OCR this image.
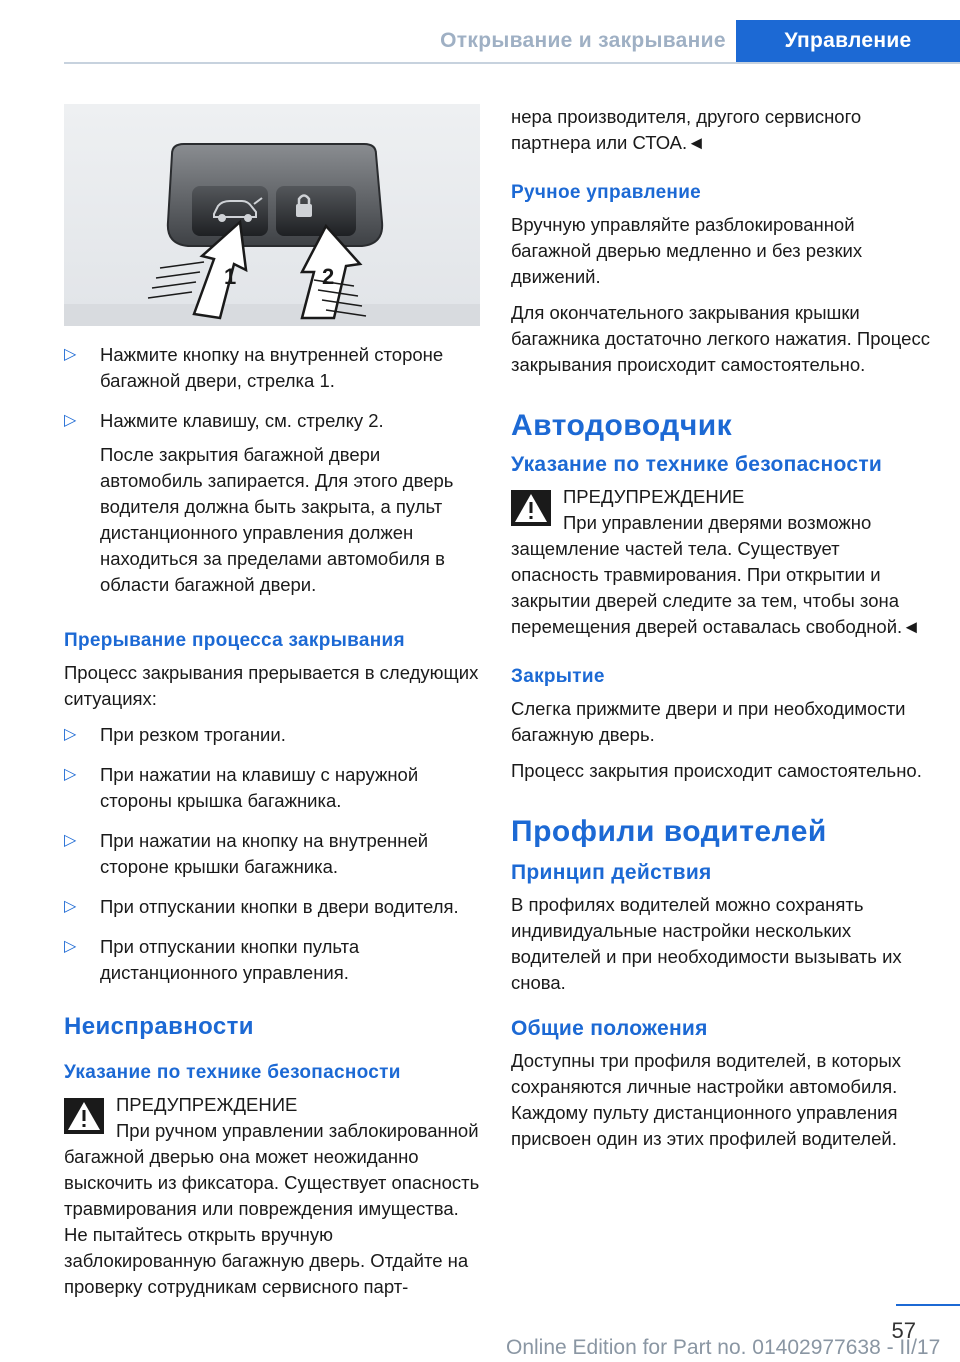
Открывание и закрывание	Управление
1	2
▷ Нажмите кнопку на внутренней стороне багажной двери, стрелка 1.
▷ Нажмите клавишу, см. стрелку 2.
После закрытия багажной двери автомобиль запирается. Для этого дверь водителя должна быть закрыта, а пульт дистанционного управления должен находиться за пределами автомобиля в области багажной двери.
Прерывание процесса закрывания
Процесс закрывания прерывается в следующих ситуациях:
▷ При резком трогании.
▷ При нажатии на клавишу с наружной стороны крышка багажника.
▷ При нажатии на кнопку на внутренней стороне крышки багажника.
▷ При отпускании кнопки в двери водителя.
▷ При отпускании кнопки пульта дистанционного управления.
Неисправности
Указание по технике безопасности
ПРЕДУПРЕЖДЕНИЕ
При ручном управлении заблокированной багажной дверью она может неожиданно выскочить из фиксатора. Существует опасность травмирования или повреждения имущества. Не пытайтесь открыть вручную заблокированную багажную дверь. Отдайте на проверку сотрудникам сервисного парт-
нера производителя, другого сервисного партнера или СТОА.◄
Ручное управление
Вручную управляйте разблокированной багажной дверью медленно и без резких движений.
Для окончательного закрывания крышки багажника достаточно легкого нажатия. Процесс закрывания происходит самостоятельно.
Автодоводчик
Указание по технике безопасности
ПРЕДУПРЕЖДЕНИЕ
При управлении дверями возможно защемление частей тела. Существует опасность травмирования. При открытии и закрытии дверей следите за тем, чтобы зона перемещения дверей оставалась свободной.◄
Закрытие
Слегка прижмите двери и при необходимости багажную дверь.
Процесс закрытия происходит самостоятельно.
Профили водителей
Принцип действия
В профилях водителей можно сохранять индивидуальные настройки нескольких водителей и при необходимости вызывать их снова.
Общие положения
Доступны три профиля водителей, в которых сохраняются личные настройки автомобиля. Каждому пульту дистанционного управления присвоен один из этих профилей водителей.
57
Online Edition for Part no. 01402977638 - II/17
